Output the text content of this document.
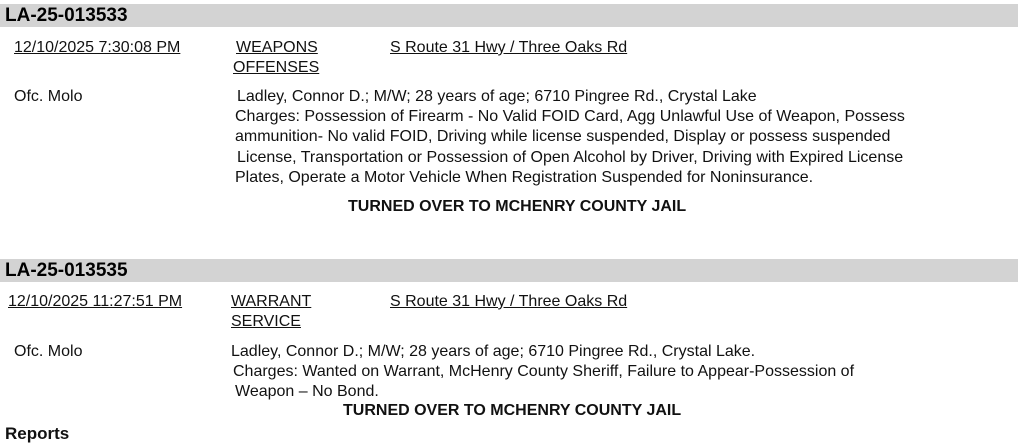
LA-25-013533
12/10/2025 7:30:08 PM	WEAPONS
OFFENSES
S Route 31 Hwy / Three Oaks Rd
Ofc. Molo	Ladley, Connor D.; M/W; 28 years of age; 6710 Pingree Rd., Crystal Lake
Charges: Possession of Firearm - No Valid FOID Card, Agg Unlawful Use of Weapon, Possess
ammunition- No valid FOID, Driving while license suspended, Display or possess suspended
License, Transportation or Possession of Open Alcohol by Driver, Driving with Expired License
Plates, Operate a Motor Vehicle When Registration Suspended for Noninsurance.
TURNED OVER TO MCHENRY COUNTY JAIL
LA-25-013535
12/10/2025 11:27:51 PM	WARRANT
SERVICE
S Route 31 Hwy / Three Oaks Rd
Ofc. Molo	Ladley, Connor D.; M/W; 28 years of age; 6710 Pingree Rd., Crystal Lake.
Charges: Wanted on Warrant, McHenry County Sheriff, Failure to Appear-Possession of
Weapon – No Bond.
TURNED OVER TO MCHENRY COUNTY JAIL
Reports
